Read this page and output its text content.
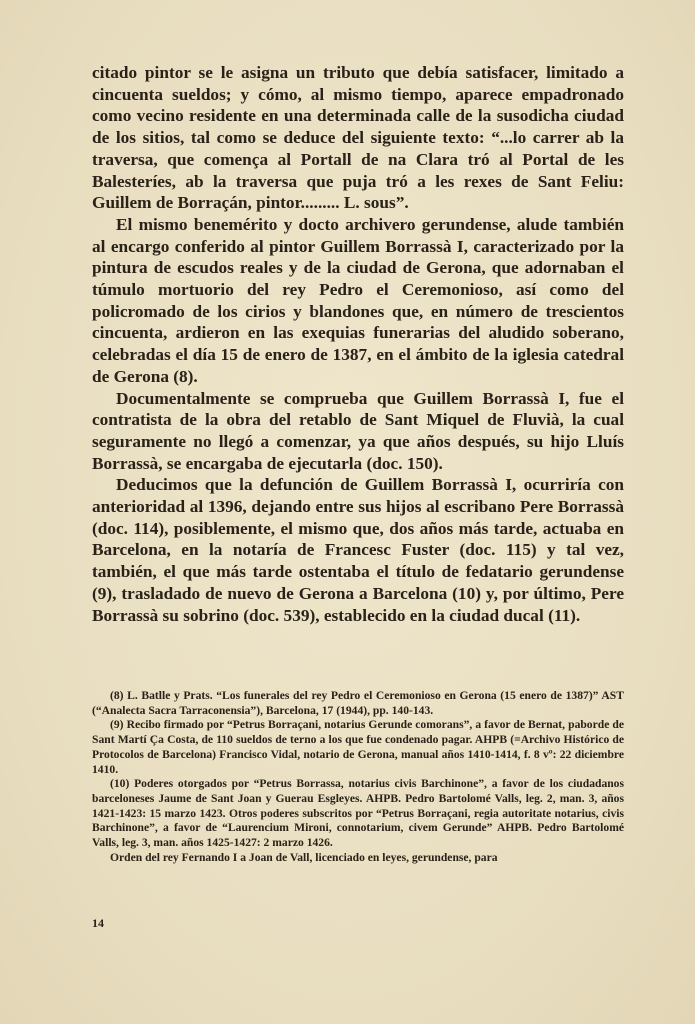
citado pintor se le asigna un tributo que debía satisfacer, limitado a cincuenta sueldos; y cómo, al mismo tiempo, aparece empadronado como vecino residente en una determinada calle de la susodicha ciudad de los sitios, tal como se deduce del siguiente texto: “...lo carrer ab la traversa, que comença al Portall de na Clara tró al Portal de les Balesteríes, ab la traversa que puja tró a les rexes de Sant Feliu: Guillem de Borraçán, pintor......... L. sous”.

El mismo benemérito y docto archivero gerundense, alude también al encargo conferido al pintor Guillem Borrassà I, caracterizado por la pintura de escudos reales y de la ciudad de Gerona, que adornaban el túmulo mortuorio del rey Pedro el Ceremonioso, así como del policromado de los cirios y blandones que, en número de trescientos cincuenta, ardieron en las exequias funerarias del aludido soberano, celebradas el día 15 de enero de 1387, en el ámbito de la iglesia catedral de Gerona (8).

Documentalmente se comprueba que Guillem Borrassà I, fue el contratista de la obra del retablo de Sant Miquel de Fluvià, la cual seguramente no llegó a comenzar, ya que años después, su hijo Lluís Borrassà, se encargaba de ejecutarla (doc. 150).

Deducimos que la defunción de Guillem Borrassà I, ocurriría con anterioridad al 1396, dejando entre sus hijos al escribano Pere Borrassà (doc. 114), posiblemente, el mismo que, dos años más tarde, actuaba en Barcelona, en la notaría de Francesc Fuster (doc. 115) y tal vez, también, el que más tarde ostentaba el título de fedatario gerundense (9), trasladado de nuevo de Gerona a Barcelona (10) y, por último, Pere Borrassà su sobrino (doc. 539), establecido en la ciudad ducal (11).

(8) L. Batlle y Prats. “Los funerales del rey Pedro el Ceremonioso en Gerona (15 enero de 1387)” AST (“Analecta Sacra Tarraconensia”), Barcelona, 17 (1944), pp. 140-143.

(9) Recibo firmado por “Petrus Borraçani, notarius Gerunde comorans”, a favor de Bernat, paborde de Sant Martí Ça Costa, de 110 sueldos de terno a los que fue condenado pagar. AHPB (=Archivo Histórico de Protocolos de Barcelona) Francisco Vidal, notario de Gerona, manual años 1410-1414, f. 8 vº: 22 diciembre 1410.

(10) Poderes otorgados por “Petrus Borrassa, notarius civis Barchinone”, a favor de los ciudadanos barceloneses Jaume de Sant Joan y Guerau Esgleyes. AHPB. Pedro Bartolomé Valls, leg. 2, man. 3, años 1421-1423: 15 marzo 1423. Otros poderes subscritos por “Petrus Borraçani, regia autoritate notarius, civis Barchinone”, a favor de “Laurencium Mironi, connotarium, civem Gerunde” AHPB. Pedro Bartolomé Valls, leg. 3, man. años 1425-1427: 2 marzo 1426.

Orden del rey Fernando I a Joan de Vall, licenciado en leyes, gerundense, para

14
